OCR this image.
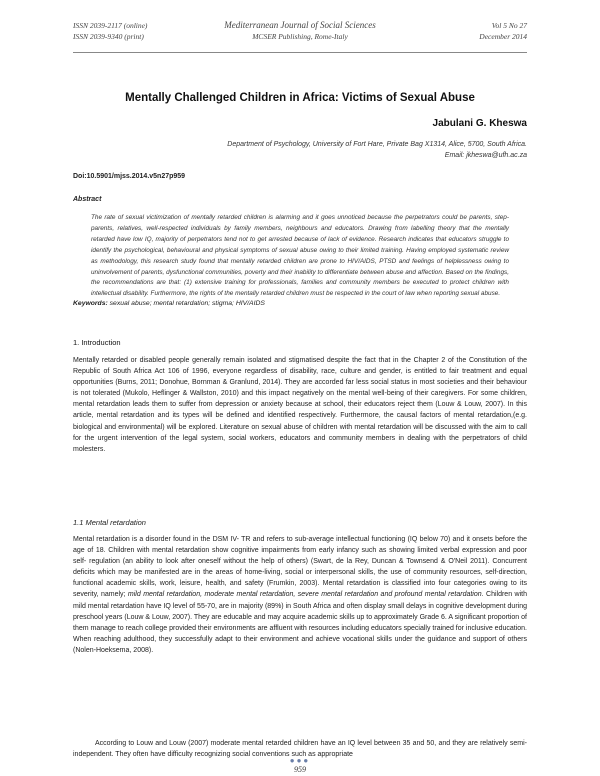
ISSN 2039-2117 (online)
ISSN 2039-9340 (print)
Mediterranean Journal of Social Sciences
MCSER Publishing, Rome-Italy
Vol 5 No 27
December 2014
Mentally Challenged Children in Africa: Victims of Sexual Abuse
Jabulani G. Kheswa
Department of Psychology, University of Fort Hare, Private Bag X1314, Alice, 5700, South Africa.
Email: jkheswa@ufh.ac.za
Doi:10.5901/mjss.2014.v5n27p959
Abstract

The rate of sexual victimization of mentally retarded children is alarming and it goes unnoticed because the perpetrators could be parents, step- parents, relatives, well-respected individuals by family members, neighbours and educators. Drawing from labelling theory that the mentally retarded have low IQ, majority of perpetrators tend not to get arrested because of lack of evidence. Research indicates that educators struggle to identify the psychological, behavioural and physical symptoms of sexual abuse owing to their limited training. Having employed systematic review as methodology, this research study found that mentally retarded children are prone to HIV/AIDS, PTSD and feelings of helplessness owing to uninvolvement of parents, dysfunctional communities, poverty and their inability to differentiate between abuse and affection. Based on the findings, the recommendations are that: (1) extensive training for professionals, families and community members be executed to protect children with intellectual disability. Furthermore, the rights of the mentally retarded children must be respected in the court of law when reporting sexual abuse.

Keywords: sexual abuse; mental retardation; stigma; HIV/AIDS
1. Introduction

Mentally retarded or disabled people generally remain isolated and stigmatised despite the fact that in the Chapter 2 of the Constitution of the Republic of South Africa Act 106 of 1996, everyone regardless of disability, race, culture and gender, is entitled to fair treatment and equal opportunities (Burns, 2011; Donohue, Bornman & Granlund, 2014). They are accorded far less social status in most societies and their behaviour is not tolerated (Mukolo, Heflinger & Wallston, 2010) and this impact negatively on the mental well-being of their caregivers. For some children, mental retardation leads them to suffer from depression or anxiety because at school, their educators reject them (Louw & Louw, 2007). In this article, mental retardation and its types will be defined and identified respectively. Furthermore, the causal factors of mental retardation,(e.g. biological and environmental) will be explored. Literature on sexual abuse of children with mental retardation will be discussed with the aim to call for the urgent intervention of the legal system, social workers, educators and community members in dealing with the perpetrators of child molesters.

1.1 Mental retardation

Mental retardation is a disorder found in the DSM IV- TR and refers to sub-average intellectual functioning (IQ below 70) and it onsets before the age of 18. Children with mental retardation show cognitive impairments from early infancy such as showing limited verbal expression and poor self- regulation (an ability to look after oneself without the help of others) (Swart, de la Rey, Duncan & Townsend & O'Neil 2011). Concurrent deficits which may be manifested are in the areas of home-living, social or interpersonal skills, the use of community resources, self-direction, functional academic skills, work, leisure, health, and safety (Frumkin, 2003). Mental retardation is classified into four categories owing to its severity, namely; mild mental retardation, moderate mental retardation, severe mental retardation and profound mental retardation. Children with mild mental retardation have IQ level of 55-70, are in majority (89%) in South Africa and often display small delays in cognitive development during preschool years (Louw & Louw, 2007). They are educable and may acquire academic skills up to approximately Grade 6. A significant proportion of them manage to reach college provided their environments are affluent with resources including educators specially trained for inclusive education. When reaching adulthood, they successfully adapt to their environment and achieve vocational skills under the guidance and support of others (Nolen-Hoeksema, 2008).

According to Louw and Louw (2007) moderate mental retarded children have an IQ level between 35 and 50, and they are relatively semi- independent. They often have difficulty recognizing social conventions such as appropriate

●●●
959
